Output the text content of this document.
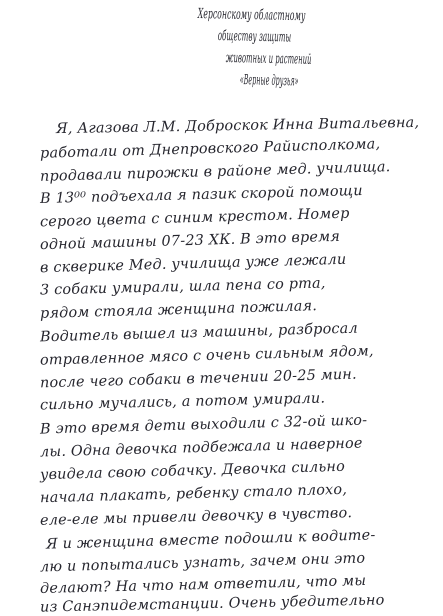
Херсонскому областному
обществу защиты
животных и растений
«Верные друзья»
Я, Агазова Л.М. Доброскок Инна Витальевна,
работали от Днепровского Райисполкома,
продавали пирожки в районе мед. училища.
В 13⁰⁰ подъехала я пазик скорой помощи
серого цвета с синим крестом. Номер
одной машины 07-23 ХК. В это время
в скверике Мед. училища уже лежали
3 собаки умирали, шла пена со рта,
рядом стояла женщина пожилая.
Водитель вышел из машины, разбросал
отравленное мясо с очень сильным ядом,
после чего собаки в течении 20-25 мин.
сильно мучались, а потом умирали.
В это время дети выходили с 32-ой шко-
лы. Одна девочка подбежала и наверное
увидела свою собачку. Девочка сильно
начала плакать, ребенку стало плохо,
еле-еле мы привели девочку в чувство.
Я и женщина вместе подошли к водите-
лю и попытались узнать, зачем они это
делают? На что нам ответили, что мы
из Санэпидемстанции. Очень убедительно
